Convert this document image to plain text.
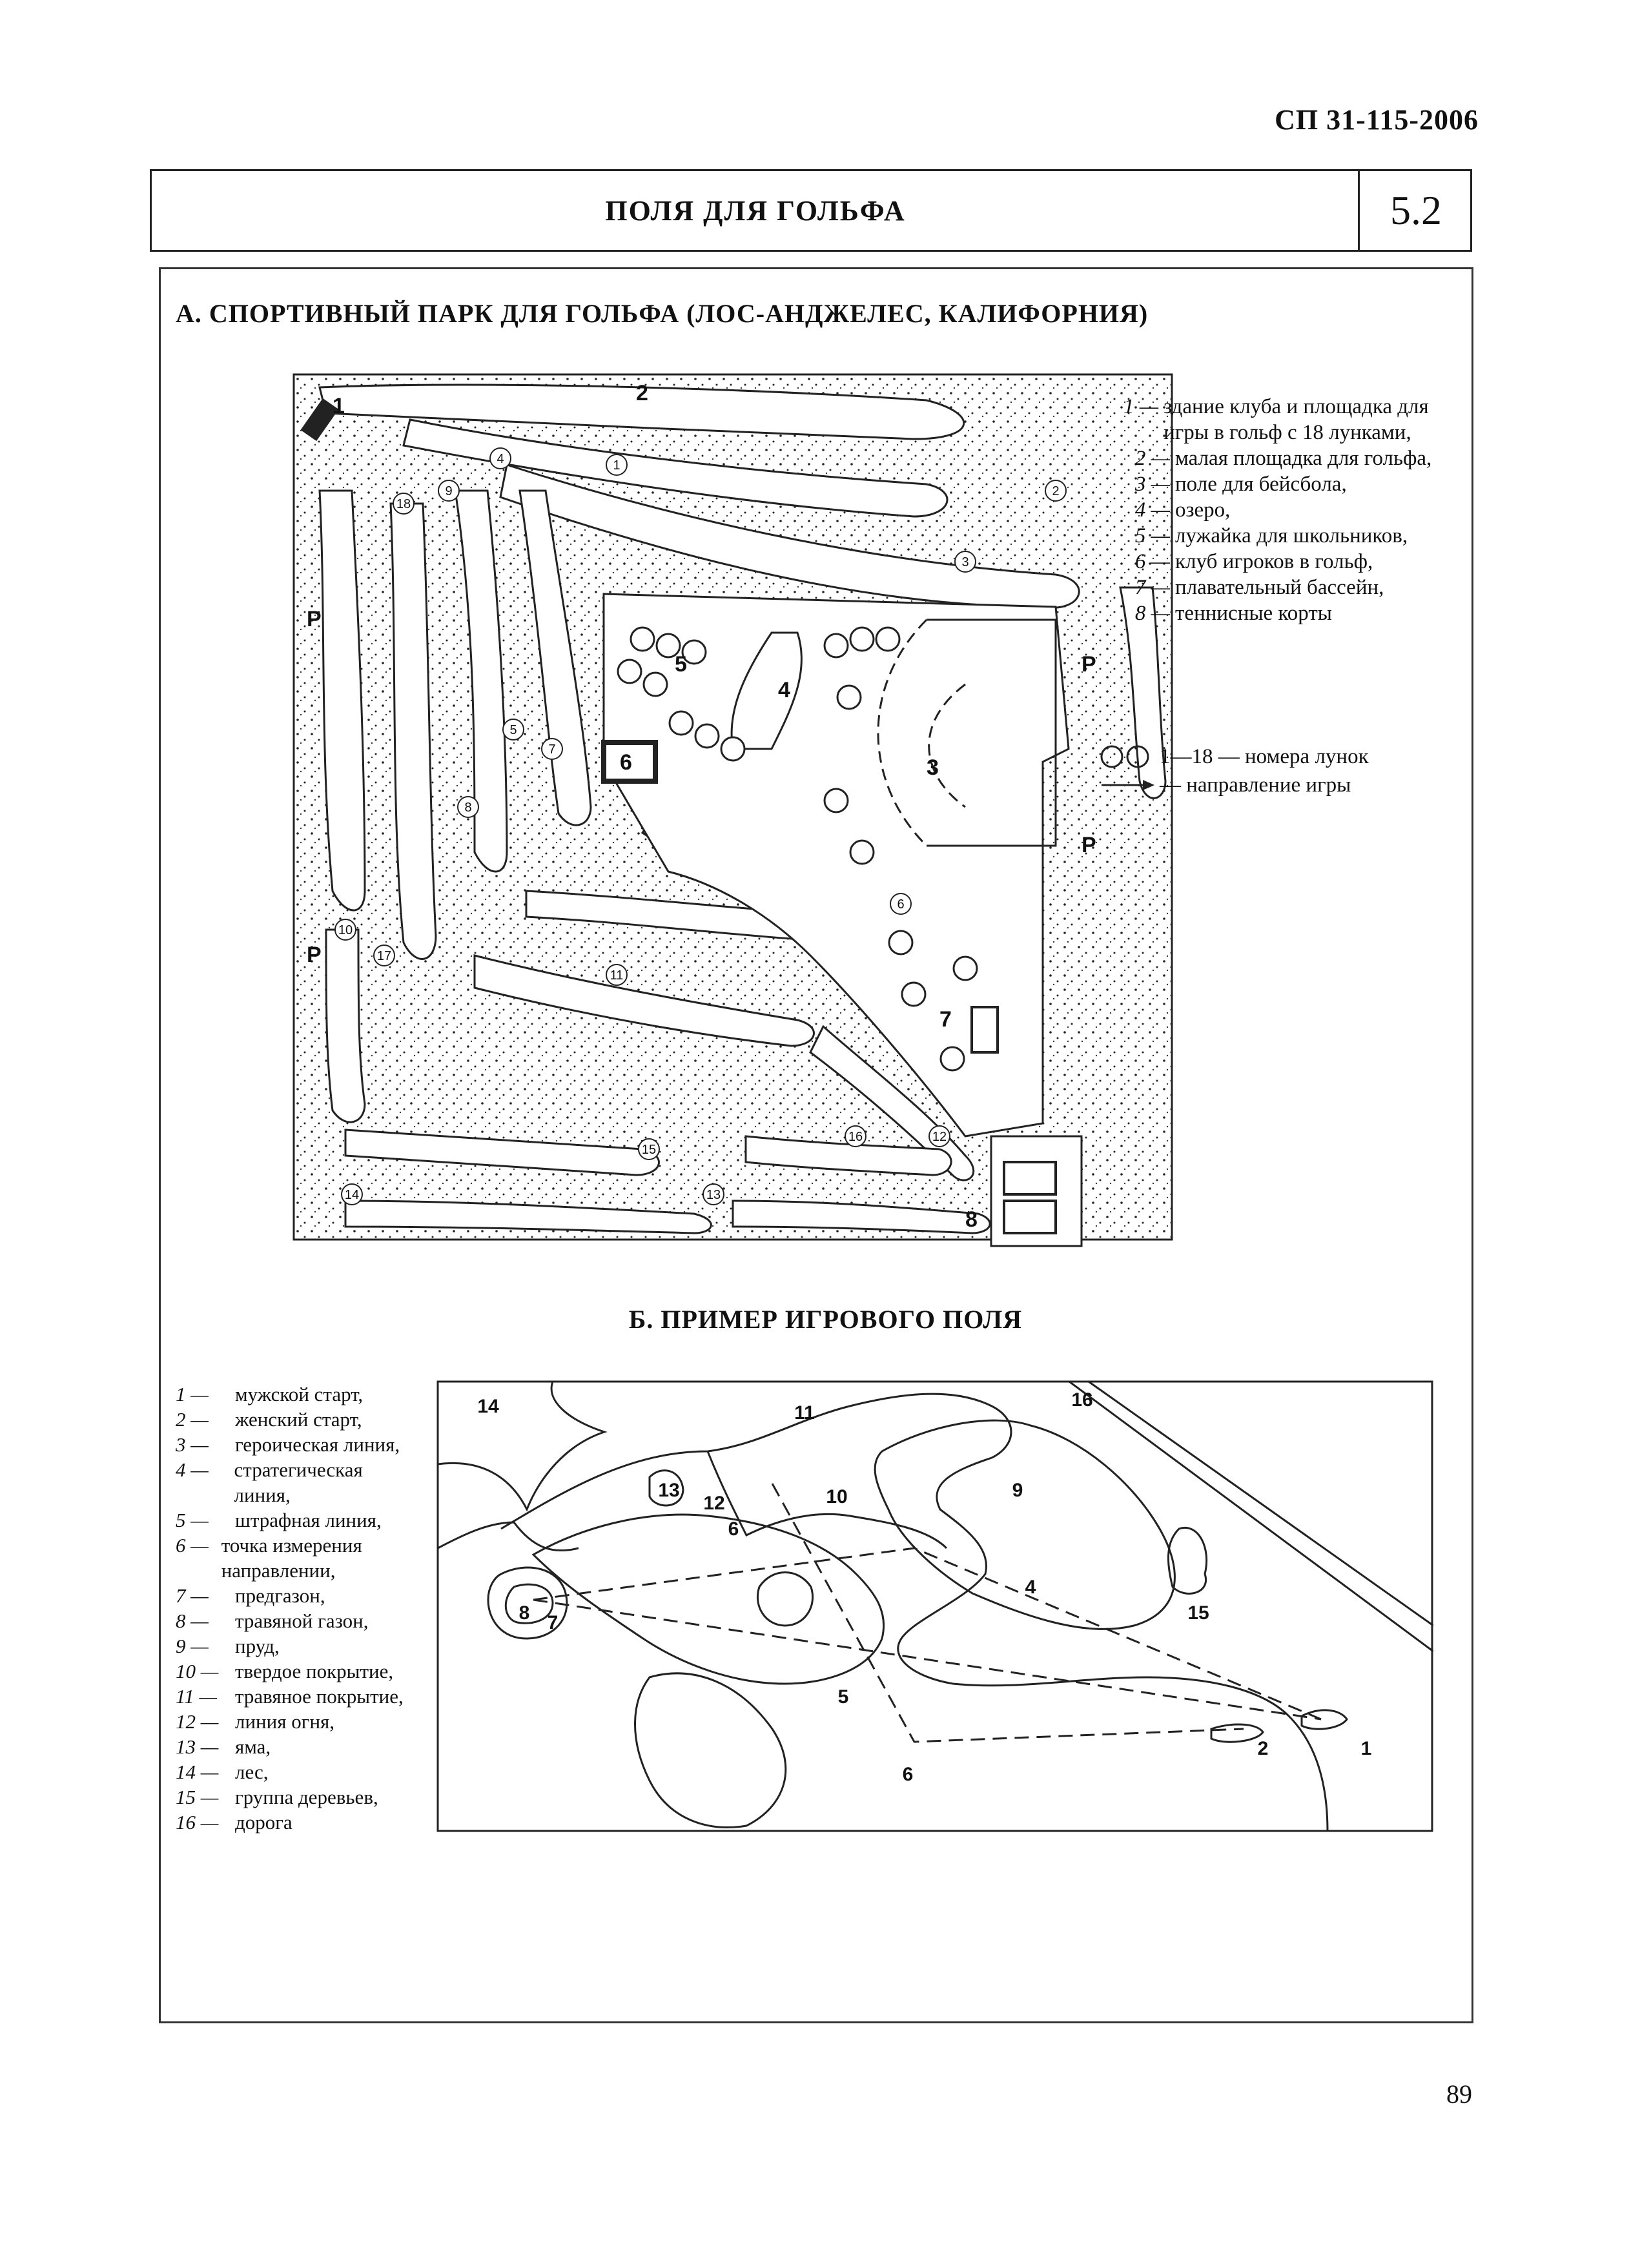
СП 31-115-2006
ПОЛЯ ДЛЯ ГОЛЬФА	5.2
А. СПОРТИВНЫЙ ПАРК ДЛЯ ГОЛЬФА (ЛОС-АНДЖЕЛЕС, КАЛИФОРНИЯ)
1
2
3
4
5
6
7
8
P
P
P
P
1
2
3
4
5
6
7
8
9
10
11
12
13
14
15
16
17
18
1 — здание клуба и площадка для игры в гольф с 18 лунками,
2 — малая площадка для гольфа,
3 — поле для бейсбола,
4 — озеро,
5 — лужайка для школьников,
6 — клуб игроков в гольф,
7 — плавательный бассейн,
8 — теннисные корты
1—18 — номера лунок
— направление игры
Б. ПРИМЕР ИГРОВОГО ПОЛЯ
1 —	мужской старт,
2 —	женский старт,
3 —	героическая линия,
4 —	стратегическая линия,
5 —	штрафная линия,
6 — точка измерения направлении,
7 —	предгазон,
8 —	травяной газон,
9 —	пруд,
10 — твердое покрытие,
11 — травяное покрытие,
12 — линия огня,
13 — яма,
14 — лес,
15 — группа деревьев,
16 — дорога
14	11
16
13
12
6
10	9
4
15
8 7
5
2	1
6
89
